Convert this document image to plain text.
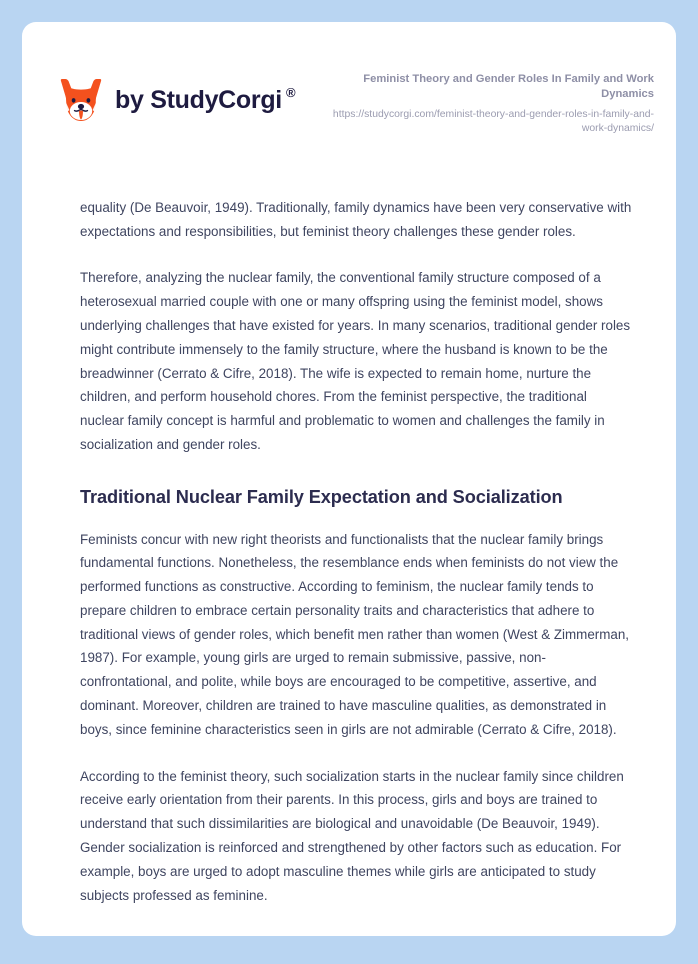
by StudyCorgi ®
Feminist Theory and Gender Roles In Family and Work Dynamics
https://studycorgi.com/feminist-theory-and-gender-roles-in-family-and-work-dynamics/

equality (De Beauvoir, 1949). Traditionally, family dynamics have been very conservative with expectations and responsibilities, but feminist theory challenges these gender roles.

Therefore, analyzing the nuclear family, the conventional family structure composed of a heterosexual married couple with one or many offspring using the feminist model, shows underlying challenges that have existed for years. In many scenarios, traditional gender roles might contribute immensely to the family structure, where the husband is known to be the breadwinner (Cerrato & Cifre, 2018). The wife is expected to remain home, nurture the children, and perform household chores. From the feminist perspective, the traditional nuclear family concept is harmful and problematic to women and challenges the family in socialization and gender roles.

Traditional Nuclear Family Expectation and Socialization

Feminists concur with new right theorists and functionalists that the nuclear family brings fundamental functions. Nonetheless, the resemblance ends when feminists do not view the performed functions as constructive. According to feminism, the nuclear family tends to prepare children to embrace certain personality traits and characteristics that adhere to traditional views of gender roles, which benefit men rather than women (West & Zimmerman, 1987). For example, young girls are urged to remain submissive, passive, non-confrontational, and polite, while boys are encouraged to be competitive, assertive, and dominant. Moreover, children are trained to have masculine qualities, as demonstrated in boys, since feminine characteristics seen in girls are not admirable (Cerrato & Cifre, 2018).

According to the feminist theory, such socialization starts in the nuclear family since children receive early orientation from their parents. In this process, girls and boys are trained to understand that such dissimilarities are biological and unavoidable (De Beauvoir, 1949). Gender socialization is reinforced and strengthened by other factors such as education. For example, boys are urged to adopt masculine themes while girls are anticipated to study subjects professed as feminine.
